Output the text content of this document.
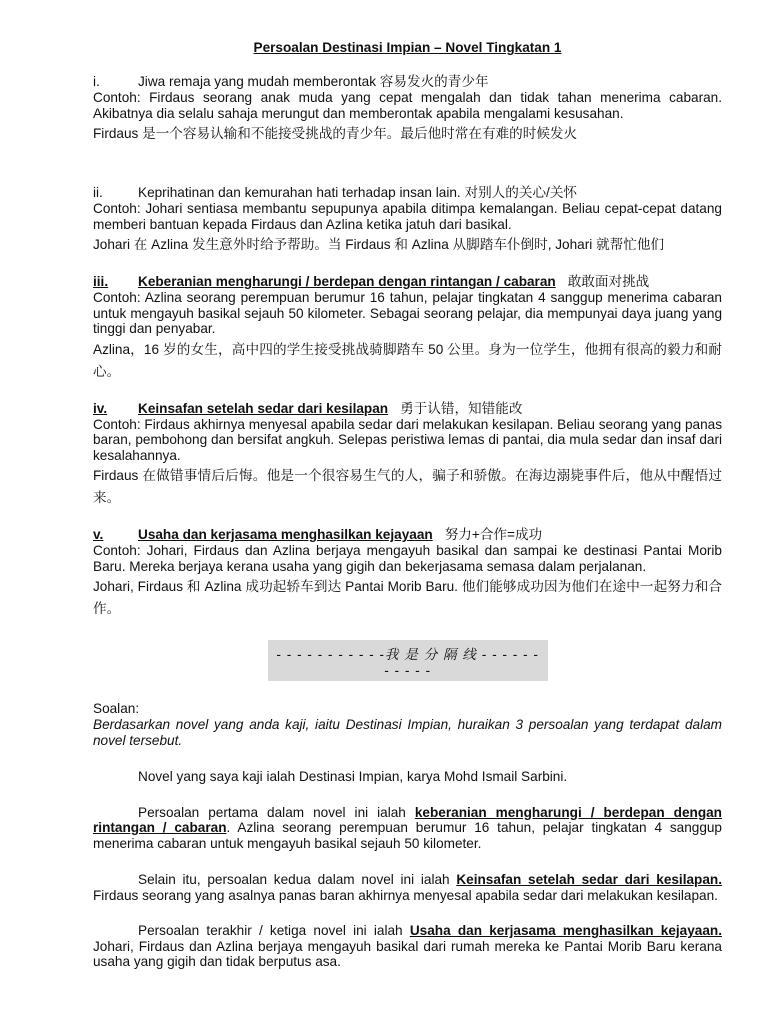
Persoalan Destinasi Impian – Novel Tingkatan 1
i.	Jiwa remaja yang mudah memberontak 容易发火的青少年

Contoh: Firdaus seorang anak muda yang cepat mengalah dan tidak tahan menerima cabaran. Akibatnya dia selalu sahaja merungut dan memberontak apabila mengalami kesusahan.

Firdaus 是一个容易认输和不能接受挑战的青少年。最后他时常在有难的时候发火

ii.	Keprihatinan dan kemurahan hati terhadap insan lain. 对别人的关心/关怀

Contoh: Johari sentiasa membantu sepupunya apabila ditimpa kemalangan. Beliau cepat-cepat datang memberi bantuan kepada Firdaus dan Azlina ketika jatuh dari basikal.

Johari 在 Azlina 发生意外时给予帮助。当 Firdaus 和 Azlina 从脚踏车仆倒时, Johari 就帮忙他们

iii.	Keberanian mengharungi / berdepan dengan rintangan / cabaran 敢敢面对挑战

Contoh: Azlina seorang perempuan berumur 16 tahun, pelajar tingkatan 4 sanggup menerima cabaran untuk mengayuh basikal sejauh 50 kilometer. Sebagai seorang pelajar, dia mempunyai daya juang yang tinggi dan penyabar.

Azlina，16 岁的女生，高中四的学生接受挑战骑脚踏车 50 公里。身为一位学生，他拥有很高的毅力和耐心。

iv.	Keinsafan setelah sedar dari kesilapan 勇于认错，知错能改

Contoh: Firdaus akhirnya menyesal apabila sedar dari melakukan kesilapan. Beliau seorang yang panas baran, pembohong dan bersifat angkuh. Selepas peristiwa lemas di pantai, dia mula sedar dan insaf dari kesalahannya.

Firdaus 在做错事情后后悔。他是一个很容易生气的人，骗子和骄傲。在海边溺毙事件后，他从中醒悟过来。

v.	Usaha dan kerjasama menghasilkan kejayaan 努力+合作=成功

Contoh: Johari, Firdaus dan Azlina berjaya mengayuh basikal dan sampai ke destinasi Pantai Morib Baru. Mereka berjaya kerana usaha yang gigih dan bekerjasama semasa dalam perjalanan.

Johari, Firdaus 和 Azlina 成功起轿车到达 Pantai Morib Baru. 他们能够成功因为他们在途中一起努力和合作。

- - - - - - - - - - -我 是 分 隔 线 - - - - - - - - - - -
Soalan:
Berdasarkan novel yang anda kaji, iaitu Destinasi Impian, huraikan 3 persoalan yang terdapat dalam novel tersebut.

Novel yang saya kaji ialah Destinasi Impian, karya Mohd Ismail Sarbini.

Persoalan pertama dalam novel ini ialah keberanian mengharungi / berdepan dengan rintangan / cabaran. Azlina seorang perempuan berumur 16 tahun, pelajar tingkatan 4 sanggup menerima cabaran untuk mengayuh basikal sejauh 50 kilometer.

Selain itu, persoalan kedua dalam novel ini ialah Keinsafan setelah sedar dari kesilapan. Firdaus seorang yang asalnya panas baran akhirnya menyesal apabila sedar dari melakukan kesilapan.

Persoalan terakhir / ketiga novel ini ialah Usaha dan kerjasama menghasilkan kejayaan. Johari, Firdaus dan Azlina berjaya mengayuh basikal dari rumah mereka ke Pantai Morib Baru kerana usaha yang gigih dan tidak berputus asa.
